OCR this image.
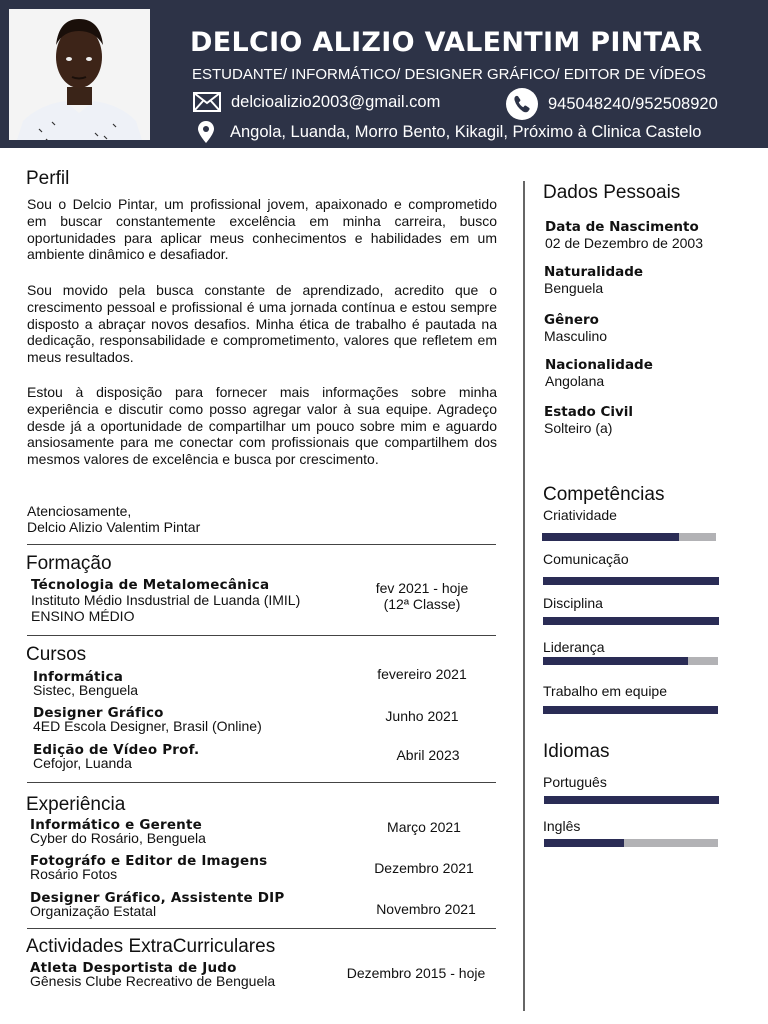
DELCIO ALIZIO VALENTIM PINTAR
ESTUDANTE/ INFORMÁTICO/ DESIGNER GRÁFICO/ EDITOR DE VÍDEOS
delcioalizio2003@gmail.com	945048240/952508920
Angola, Luanda, Morro Bento, Kikagil, Próximo à Clinica Castelo
Perfil
Sou o Delcio Pintar, um profissional jovem, apaixonado e comprometido em buscar constantemente excelência em minha carreira, busco oportunidades para aplicar meus conhecimentos e habilidades em um ambiente dinâmico e desafiador.
Sou movido pela busca constante de aprendizado, acredito que o crescimento pessoal e profissional é uma jornada contínua e estou sempre disposto a abraçar novos desafios. Minha ética de trabalho é pautada na dedicação, responsabilidade e comprometimento, valores que refletem em meus resultados.
Estou à disposição para fornecer mais informações sobre minha experiência e discutir como posso agregar valor à sua equipe. Agradeço desde já a oportunidade de compartilhar um pouco sobre mim e aguardo ansiosamente para me conectar com profissionais que compartilhem dos mesmos valores de excelência e busca por crescimento.
Atenciosamente,
Delcio Alizio Valentim Pintar
Formação
Técnologia de Metalomecânica
Instituto Médio Insdustrial de Luanda (IMIL)
ENSINO MÉDIO
fev 2021 - hoje
(12ª Classe)
Cursos
Informática
Sistec, Benguela
fevereiro 2021
Designer Gráfico
4ED Escola Designer, Brasil (Online)
Junho 2021
Edição de Vídeo Prof.
Cefojor, Luanda	Abril 2023
Experiência
Informático e Gerente
Cyber do Rosário, Benguela
Março 2021
Fotográfo e Editor de Imagens
Rosário Fotos	Dezembro 2021
Designer Gráfico, Assistente DIP
Organização Estatal	Novembro 2021
Actividades ExtraCurriculares
Atleta Desportista de Judo
Gênesis Clube Recreativo de Benguela	Dezembro 2015 - hoje
Dados Pessoais
Data de Nascimento
02 de Dezembro de 2003
Naturalidade
Benguela
Gênero
Masculino
Nacionalidade
Angolana
Estado Civil
Solteiro (a)
Competências
Criatividade
Comunicação
Disciplina
Liderança
Trabalho em equipe
Idiomas
Português
Inglês
